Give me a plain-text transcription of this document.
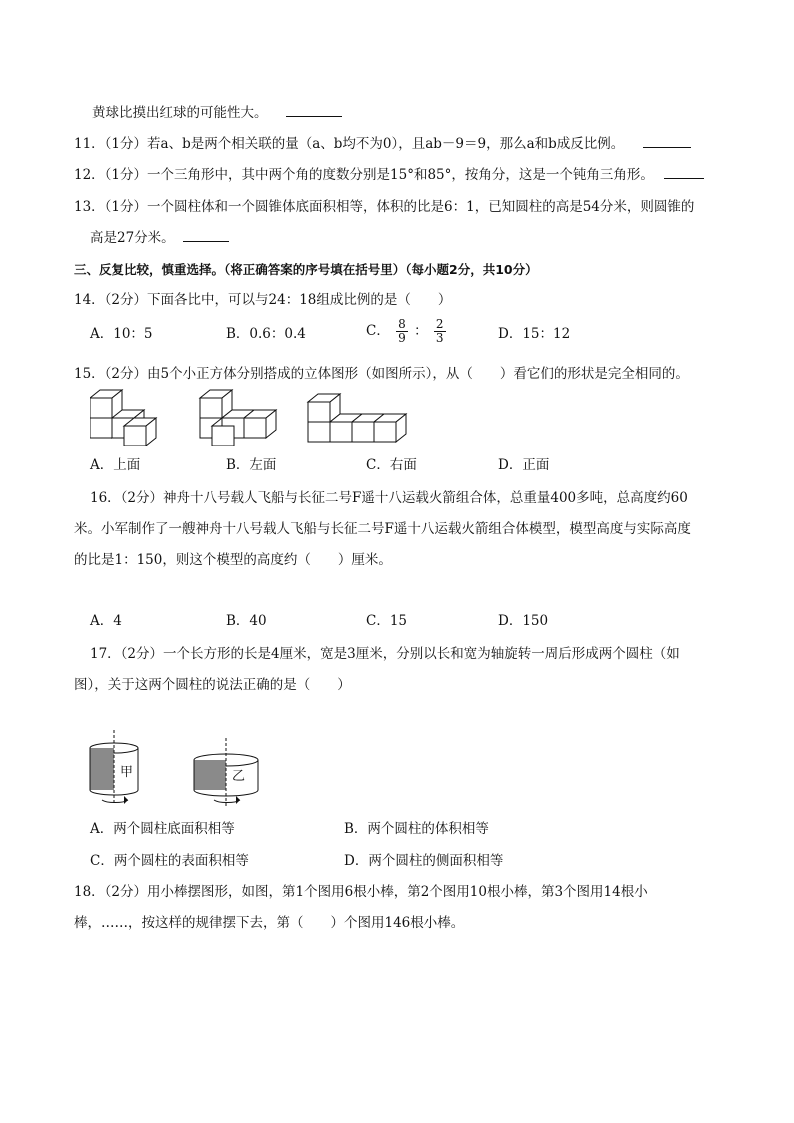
黄球比摸出红球的可能性大。
11．（1分）若a、b是两个相关联的量（a、b均不为0），且ab－9＝9，那么a和b成反比例。
12．（1分）一个三角形中，其中两个角的度数分别是15°和85°，按角分，这是一个钝角三角形。
13．（1分）一个圆柱体和一个圆锥体底面积相等，体积的比是6：1，已知圆柱的高是54分米，则圆锥的
高是27分米。
三、反复比较，慎重选择。（将正确答案的序号填在括号里）（每小题2分，共10分）
14．（2分）下面各比中，可以与24：18组成比例的是（　　）
A．10：5	B．0.6：0.4	C． $\frac{8}{9}$ ： $\frac{2}{3}$	D．15：12
15．（2分）由5个小正方体分别搭成的立体图形（如图所示），从（　　）看它们的形状是完全相同的。
A．上面	B．左面	C．右面	D．正面
16．（2分）神舟十八号载人飞船与长征二号F遥十八运载火箭组合体，总重量400多吨，总高度约60
米。小军制作了一艘神舟十八号载人飞船与长征二号F遥十八运载火箭组合体模型，模型高度与实际高度
的比是1：150，则这个模型的高度约（　　）厘米。
A．4	B．40	C．15	D．150
17．（2分）一个长方形的长是4厘米，宽是3厘米，分别以长和宽为轴旋转一周后形成两个圆柱（如
图），关于这两个圆柱的说法正确的是（　　）
甲	乙
A．两个圆柱底面积相等	B．两个圆柱的体积相等
C．两个圆柱的表面积相等	D．两个圆柱的侧面积相等
18．（2分）用小棒摆图形，如图，第1个图用6根小棒，第2个图用10根小棒，第3个图用14根小
棒，……，按这样的规律摆下去，第（　　）个图用146根小棒。
